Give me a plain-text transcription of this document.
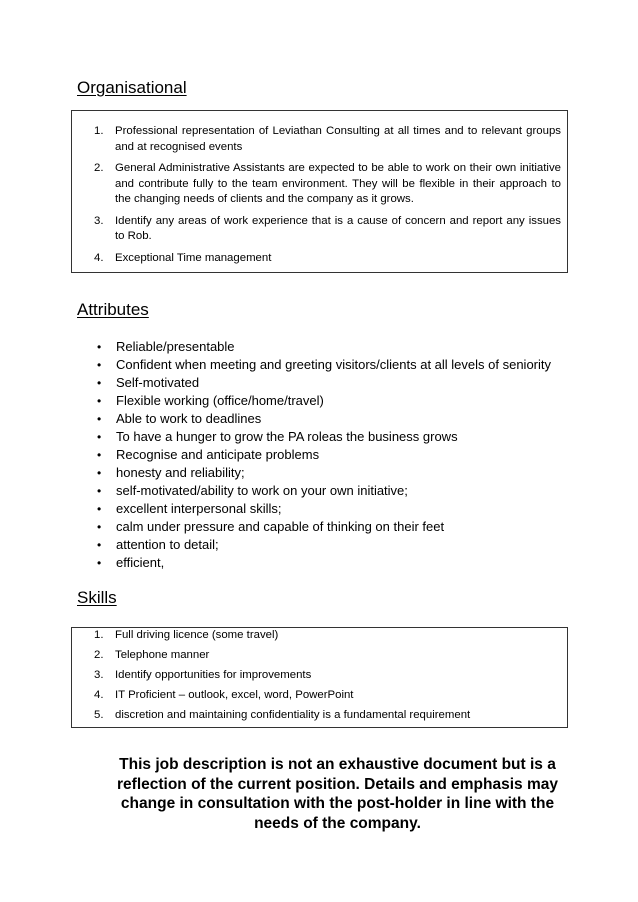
Organisational
1. Professional representation of Leviathan Consulting at all times and to relevant groups and at recognised events
2. General Administrative Assistants are expected to be able to work on their own initiative and contribute fully to the team environment. They will be flexible in their approach to the changing needs of clients and the company as it grows.
3. Identify any areas of work experience that is a cause of concern and report any issues to Rob.
4. Exceptional Time management
Attributes
• Reliable/presentable
• Confident when meeting and greeting visitors/clients at all levels of seniority
• Self-motivated
• Flexible working (office/home/travel)
• Able to work to deadlines
• To have a hunger to grow the PA roleas the business grows
• Recognise and anticipate problems
• honesty and reliability;
• self-motivated/ability to work on your own initiative;
• excellent interpersonal skills;
• calm under pressure and capable of thinking on their feet
• attention to detail;
• efficient,
Skills
1. Full driving licence (some travel)
2. Telephone manner
3. Identify opportunities for improvements
4. IT Proficient – outlook, excel, word, PowerPoint
5. discretion and maintaining confidentiality is a fundamental requirement

This job description is not an exhaustive document but is a reflection of the current position. Details and emphasis may change in consultation with the post-holder in line with the needs of the company.
